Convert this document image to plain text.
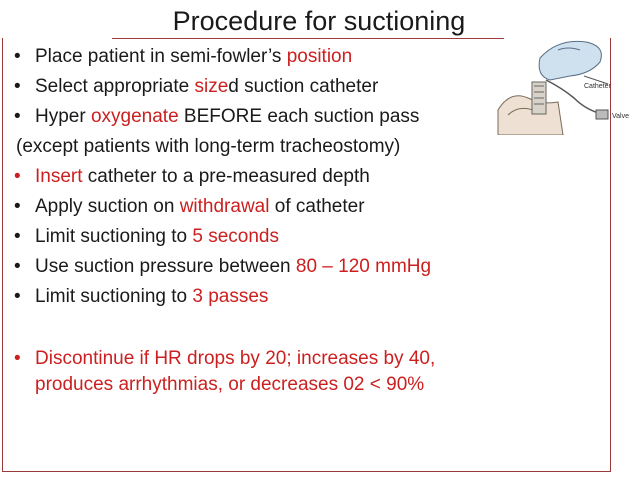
Procedure for suctioning
Catheter
Valve
• Place patient in semi-fowler’s position
• Select appropriate sized suction catheter
• Hyper oxygenate BEFORE each suction pass
(except patients with long-term tracheostomy)
• Insert catheter to a pre-measured depth
• Apply suction on withdrawal of catheter
• Limit suctioning to 5 seconds
• Use suction pressure between 80 – 120 mmHg
• Limit suctioning to 3 passes
• Discontinue if HR drops by 20; increases by 40,
produces arrhythmias, or decreases 02 < 90%
